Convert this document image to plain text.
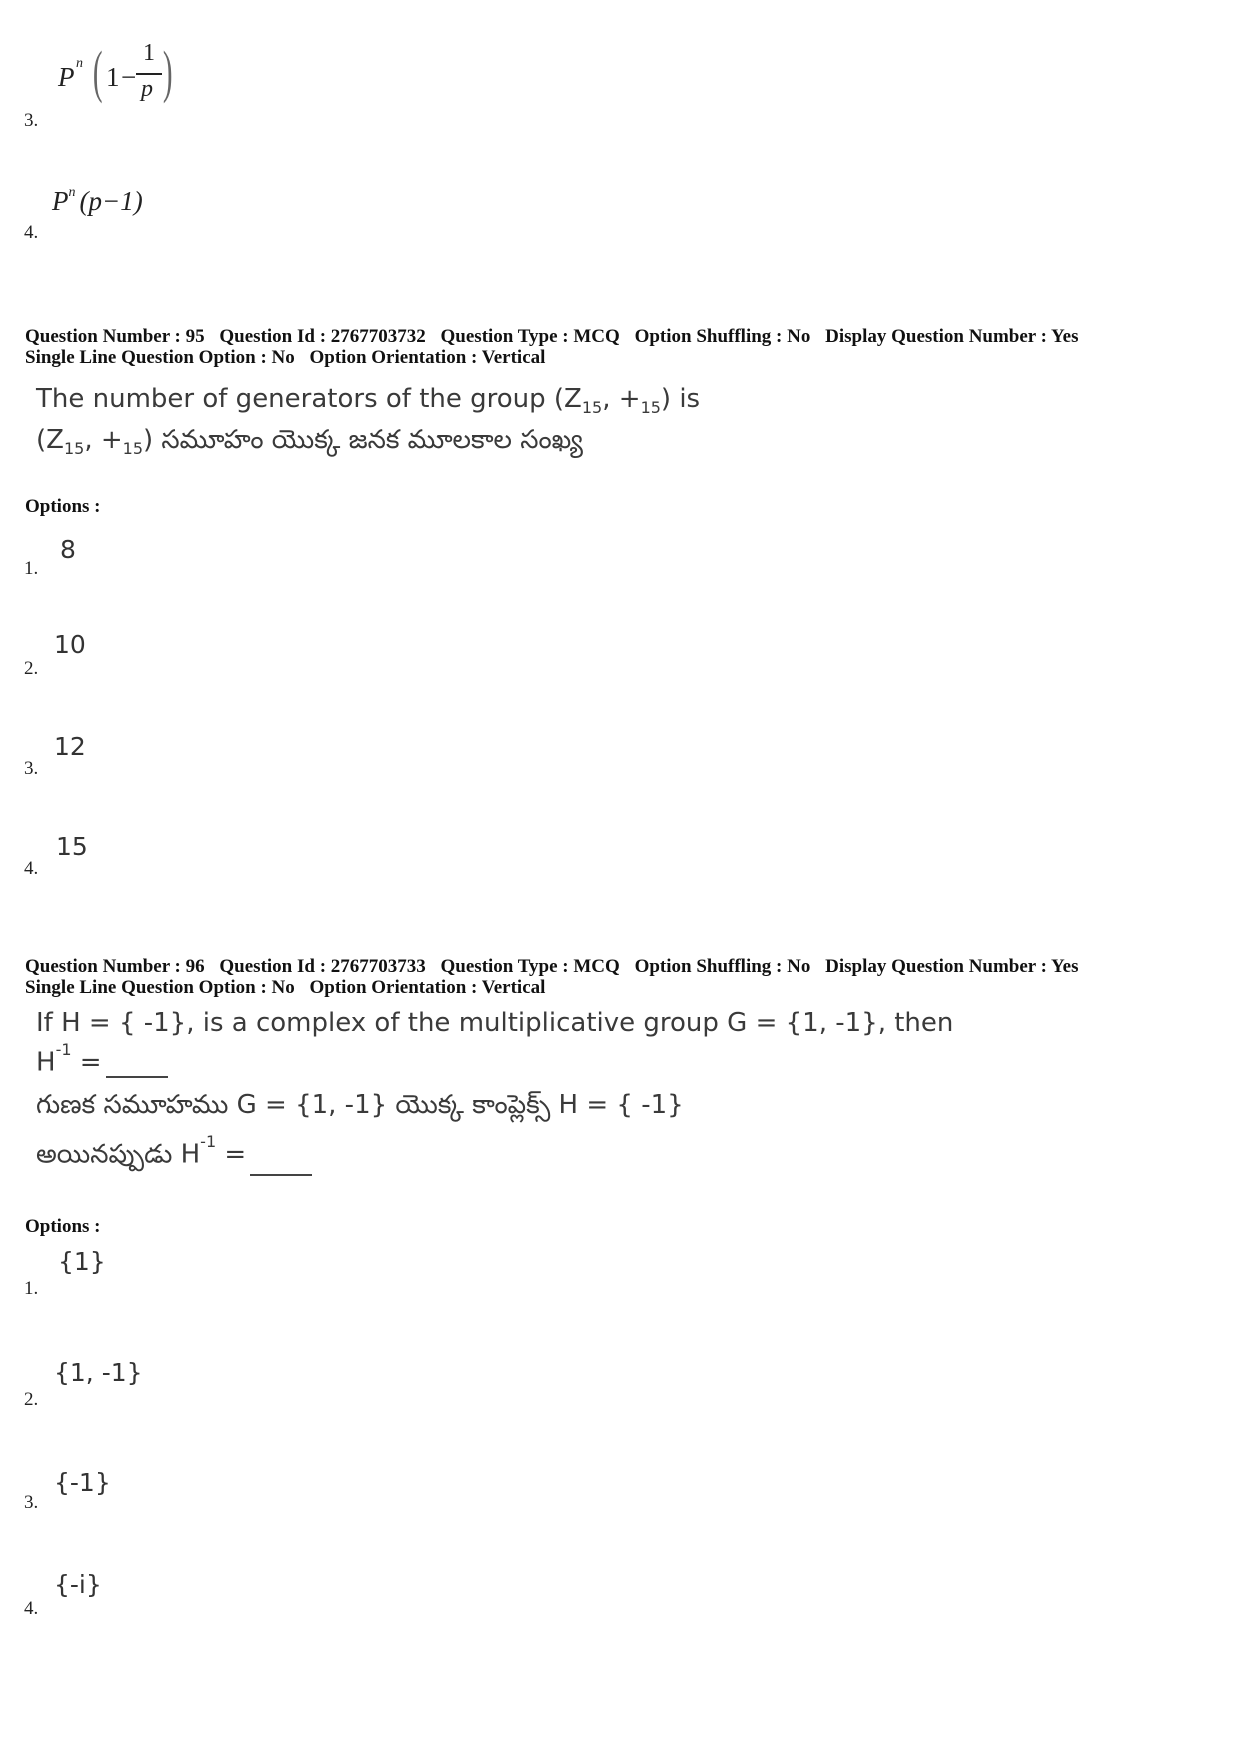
3.
P n ( 1 −
1
p )
4.
$P^n$ (p−1)
Question Number : 95 Question Id : 2767703732 Question Type : MCQ Option Shuffling : No Display Question Number : Yes
Single Line Question Option : No Option Orientation : Vertical
The number of generators of the group ($Z_{15}$, $+_{15}$) is
($Z_{15}$, $+_{15}$) సమూహం యొక్క జనక మూలకాల సంఖ్య
Options :
1.
8
2.
10
3.
12
4.
15
Question Number : 96 Question Id : 2767703733 Question Type : MCQ Option Shuffling : No Display Question Number : Yes
Single Line Question Option : No Option Orientation : Vertical
If H = { -1}, is a complex of the multiplicative group G = {1, -1}, then
$H^{-1}$ =
గుణక సమూహము G = {1, -1} యొక్క కాంప్లెక్స్ H = { -1}
అయినప్పుడు $H^{-1}$ =
Options :
1.
{1}
2.
{1, -1}
3.
{-1}
4.
{-i}
